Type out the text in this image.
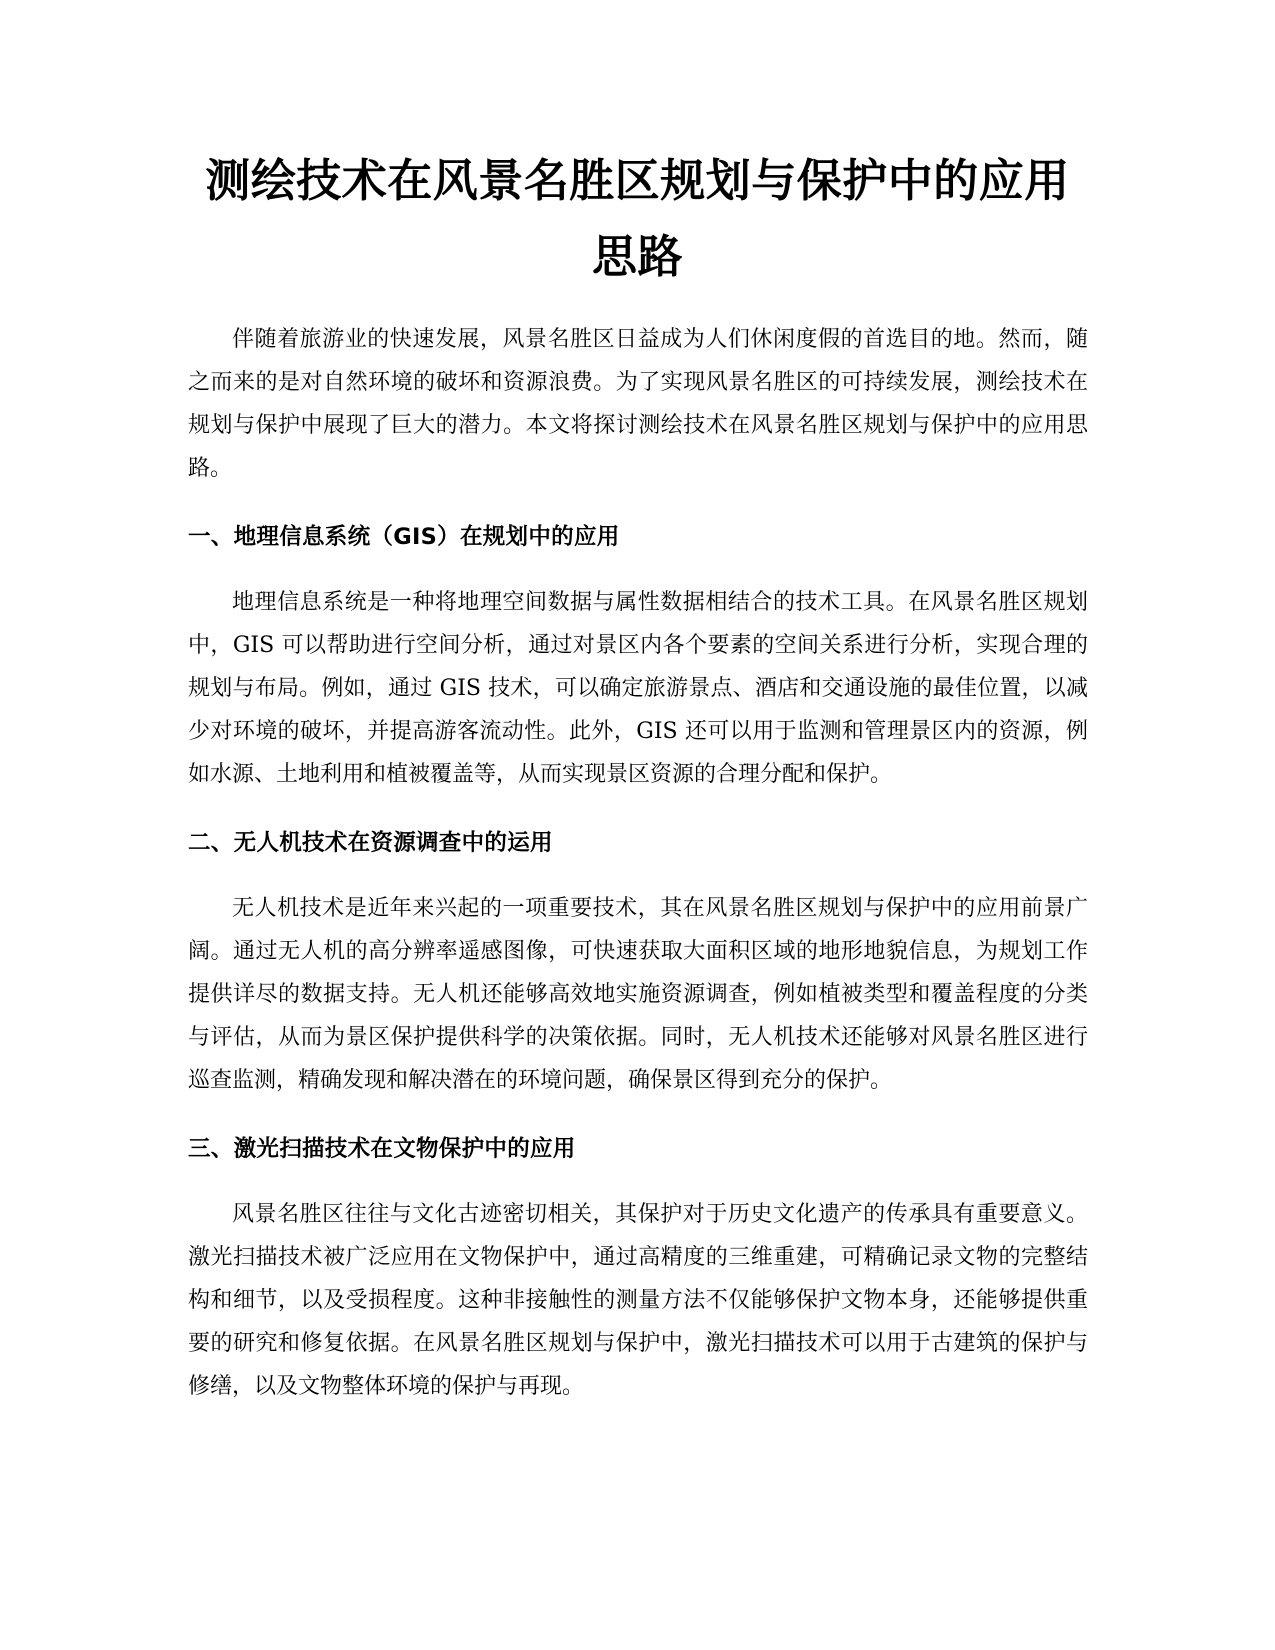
测绘技术在风景名胜区规划与保护中的应用
思路

伴随着旅游业的快速发展，风景名胜区日益成为人们休闲度假的首选目的地。然而，随之而来的是对自然环境的破坏和资源浪费。为了实现风景名胜区的可持续发展，测绘技术在规划与保护中展现了巨大的潜力。本文将探讨测绘技术在风景名胜区规划与保护中的应用思路。

一、地理信息系统（GIS）在规划中的应用

地理信息系统是一种将地理空间数据与属性数据相结合的技术工具。在风景名胜区规划中，GIS 可以帮助进行空间分析，通过对景区内各个要素的空间关系进行分析，实现合理的规划与布局。例如，通过 GIS 技术，可以确定旅游景点、酒店和交通设施的最佳位置，以减少对环境的破坏，并提高游客流动性。此外，GIS 还可以用于监测和管理景区内的资源，例如水源、土地利用和植被覆盖等，从而实现景区资源的合理分配和保护。

二、无人机技术在资源调查中的运用

无人机技术是近年来兴起的一项重要技术，其在风景名胜区规划与保护中的应用前景广阔。通过无人机的高分辨率遥感图像，可快速获取大面积区域的地形地貌信息，为规划工作提供详尽的数据支持。无人机还能够高效地实施资源调查，例如植被类型和覆盖程度的分类与评估，从而为景区保护提供科学的决策依据。同时，无人机技术还能够对风景名胜区进行巡查监测，精确发现和解决潜在的环境问题，确保景区得到充分的保护。

三、激光扫描技术在文物保护中的应用

风景名胜区往往与文化古迹密切相关，其保护对于历史文化遗产的传承具有重要意义。激光扫描技术被广泛应用在文物保护中，通过高精度的三维重建，可精确记录文物的完整结构和细节，以及受损程度。这种非接触性的测量方法不仅能够保护文物本身，还能够提供重要的研究和修复依据。在风景名胜区规划与保护中，激光扫描技术可以用于古建筑的保护与修缮，以及文物整体环境的保护与再现。
